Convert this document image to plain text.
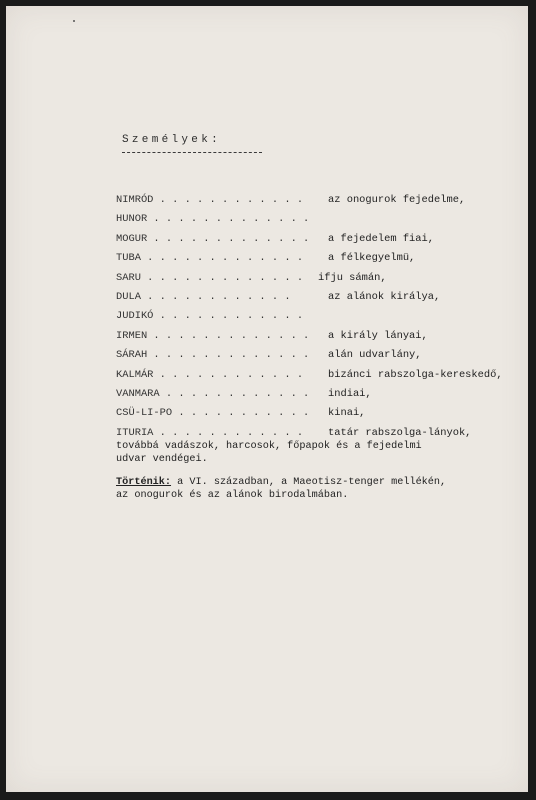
Személyek:
NIMRÓD . . . . . . . . . . . . az onogurok fejedelme,
HUNOR . . . . . . . . . . . . .
MOGUR . . . . . . . . . . . . . a fejedelem fiai,
TUBA . . . . . . . . . . . . . a félkegyelmü,
SARU . . . . . . . . . . . . . ifju sámán,
DULA . . . . . . . . . . . .	az alánok királya,
JUDIKÓ . . . . . . . . . . . .
IRMEN . . . . . . . . . . . . . a király lányai,
SÁRAH . . . . . . . . . . . . . alán udvarlány,
KALMÁR . . . . . . . . . . . . bizánci rabszolga-kereskedő,
VANMARA . . . . . . . . . . . . indiai,
CSÜ-LI-PO . . . . . . . . . . . kinai,
ITURIA . . . . . . . . . . . . tatár rabszolga-lányok,
továbbá vadászok, harcosok, főpapok és a fejedelmi
udvar vendégei.
Történik: a VI. században, a Maeotisz-tenger mellékén,
az onogurok és az alánok birodalmában.
